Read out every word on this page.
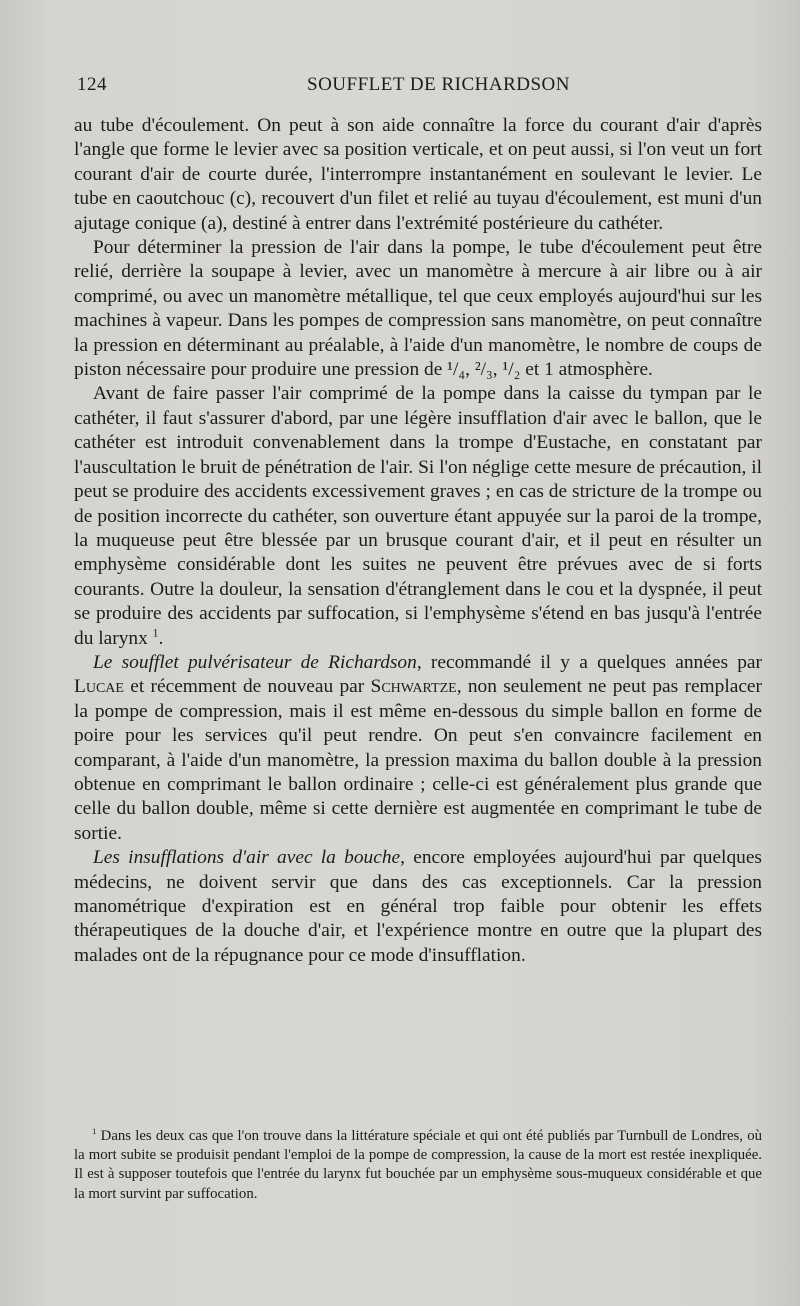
124	SOUFFLET DE RICHARDSON

au tube d'écoulement. On peut à son aide connaître la force du courant d'air d'après l'angle que forme le levier avec sa position verticale, et on peut aussi, si l'on veut un fort courant d'air de courte durée, l'interrompre instantanément en soulevant le levier. Le tube en caoutchouc (c), recouvert d'un filet et relié au tuyau d'écoulement, est muni d'un ajutage conique (a), destiné à entrer dans l'extrémité postérieure du cathéter.

Pour déterminer la pression de l'air dans la pompe, le tube d'écoulement peut être relié, derrière la soupape à levier, avec un manomètre à mercure à air libre ou à air comprimé, ou avec un manomètre métallique, tel que ceux employés aujourd'hui sur les machines à vapeur. Dans les pompes de compression sans manomètre, on peut connaître la pression en déterminant au préalable, à l'aide d'un manomètre, le nombre de coups de piston nécessaire pour produire une pression de ¹/₄, ²/₃, ¹/₂ et 1 atmosphère.

Avant de faire passer l'air comprimé de la pompe dans la caisse du tympan par le cathéter, il faut s'assurer d'abord, par une légère insufflation d'air avec le ballon, que le cathéter est introduit convenablement dans la trompe d'Eustache, en constatant par l'auscultation le bruit de pénétration de l'air. Si l'on néglige cette mesure de précaution, il peut se produire des accidents excessivement graves ; en cas de stricture de la trompe ou de position incorrecte du cathéter, son ouverture étant appuyée sur la paroi de la trompe, la muqueuse peut être blessée par un brusque courant d'air, et il peut en résulter un emphysème considérable dont les suites ne peuvent être prévues avec de si forts courants. Outre la douleur, la sensation d'étranglement dans le cou et la dyspnée, il peut se produire des accidents par suffocation, si l'emphysème s'étend en bas jusqu'à l'entrée du larynx $^1$.

Le soufflet pulvérisateur de Richardson, recommandé il y a quelques années par Lucae et récemment de nouveau par Schwartze, non seulement ne peut pas remplacer la pompe de compression, mais il est même en-dessous du simple ballon en forme de poire pour les services qu'il peut rendre. On peut s'en convaincre facilement en comparant, à l'aide d'un manomètre, la pression maxima du ballon double à la pression obtenue en comprimant le ballon ordinaire ; celle-ci est généralement plus grande que celle du ballon double, même si cette dernière est augmentée en comprimant le tube de sortie.

Les insufflations d'air avec la bouche, encore employées aujourd'hui par quelques médecins, ne doivent servir que dans des cas exceptionnels. Car la pression manométrique d'expiration est en général trop faible pour obtenir les effets thérapeutiques de la douche d'air, et l'expérience montre en outre que la plupart des malades ont de la répugnance pour ce mode d'insufflation.

$^1$ Dans les deux cas que l'on trouve dans la littérature spéciale et qui ont été publiés par Turnbull de Londres, où la mort subite se produisit pendant l'emploi de la pompe de compression, la cause de la mort est restée inexpliquée. Il est à supposer toutefois que l'entrée du larynx fut bouchée par un emphysème sous-muqueux considérable et que la mort survint par suffocation.
